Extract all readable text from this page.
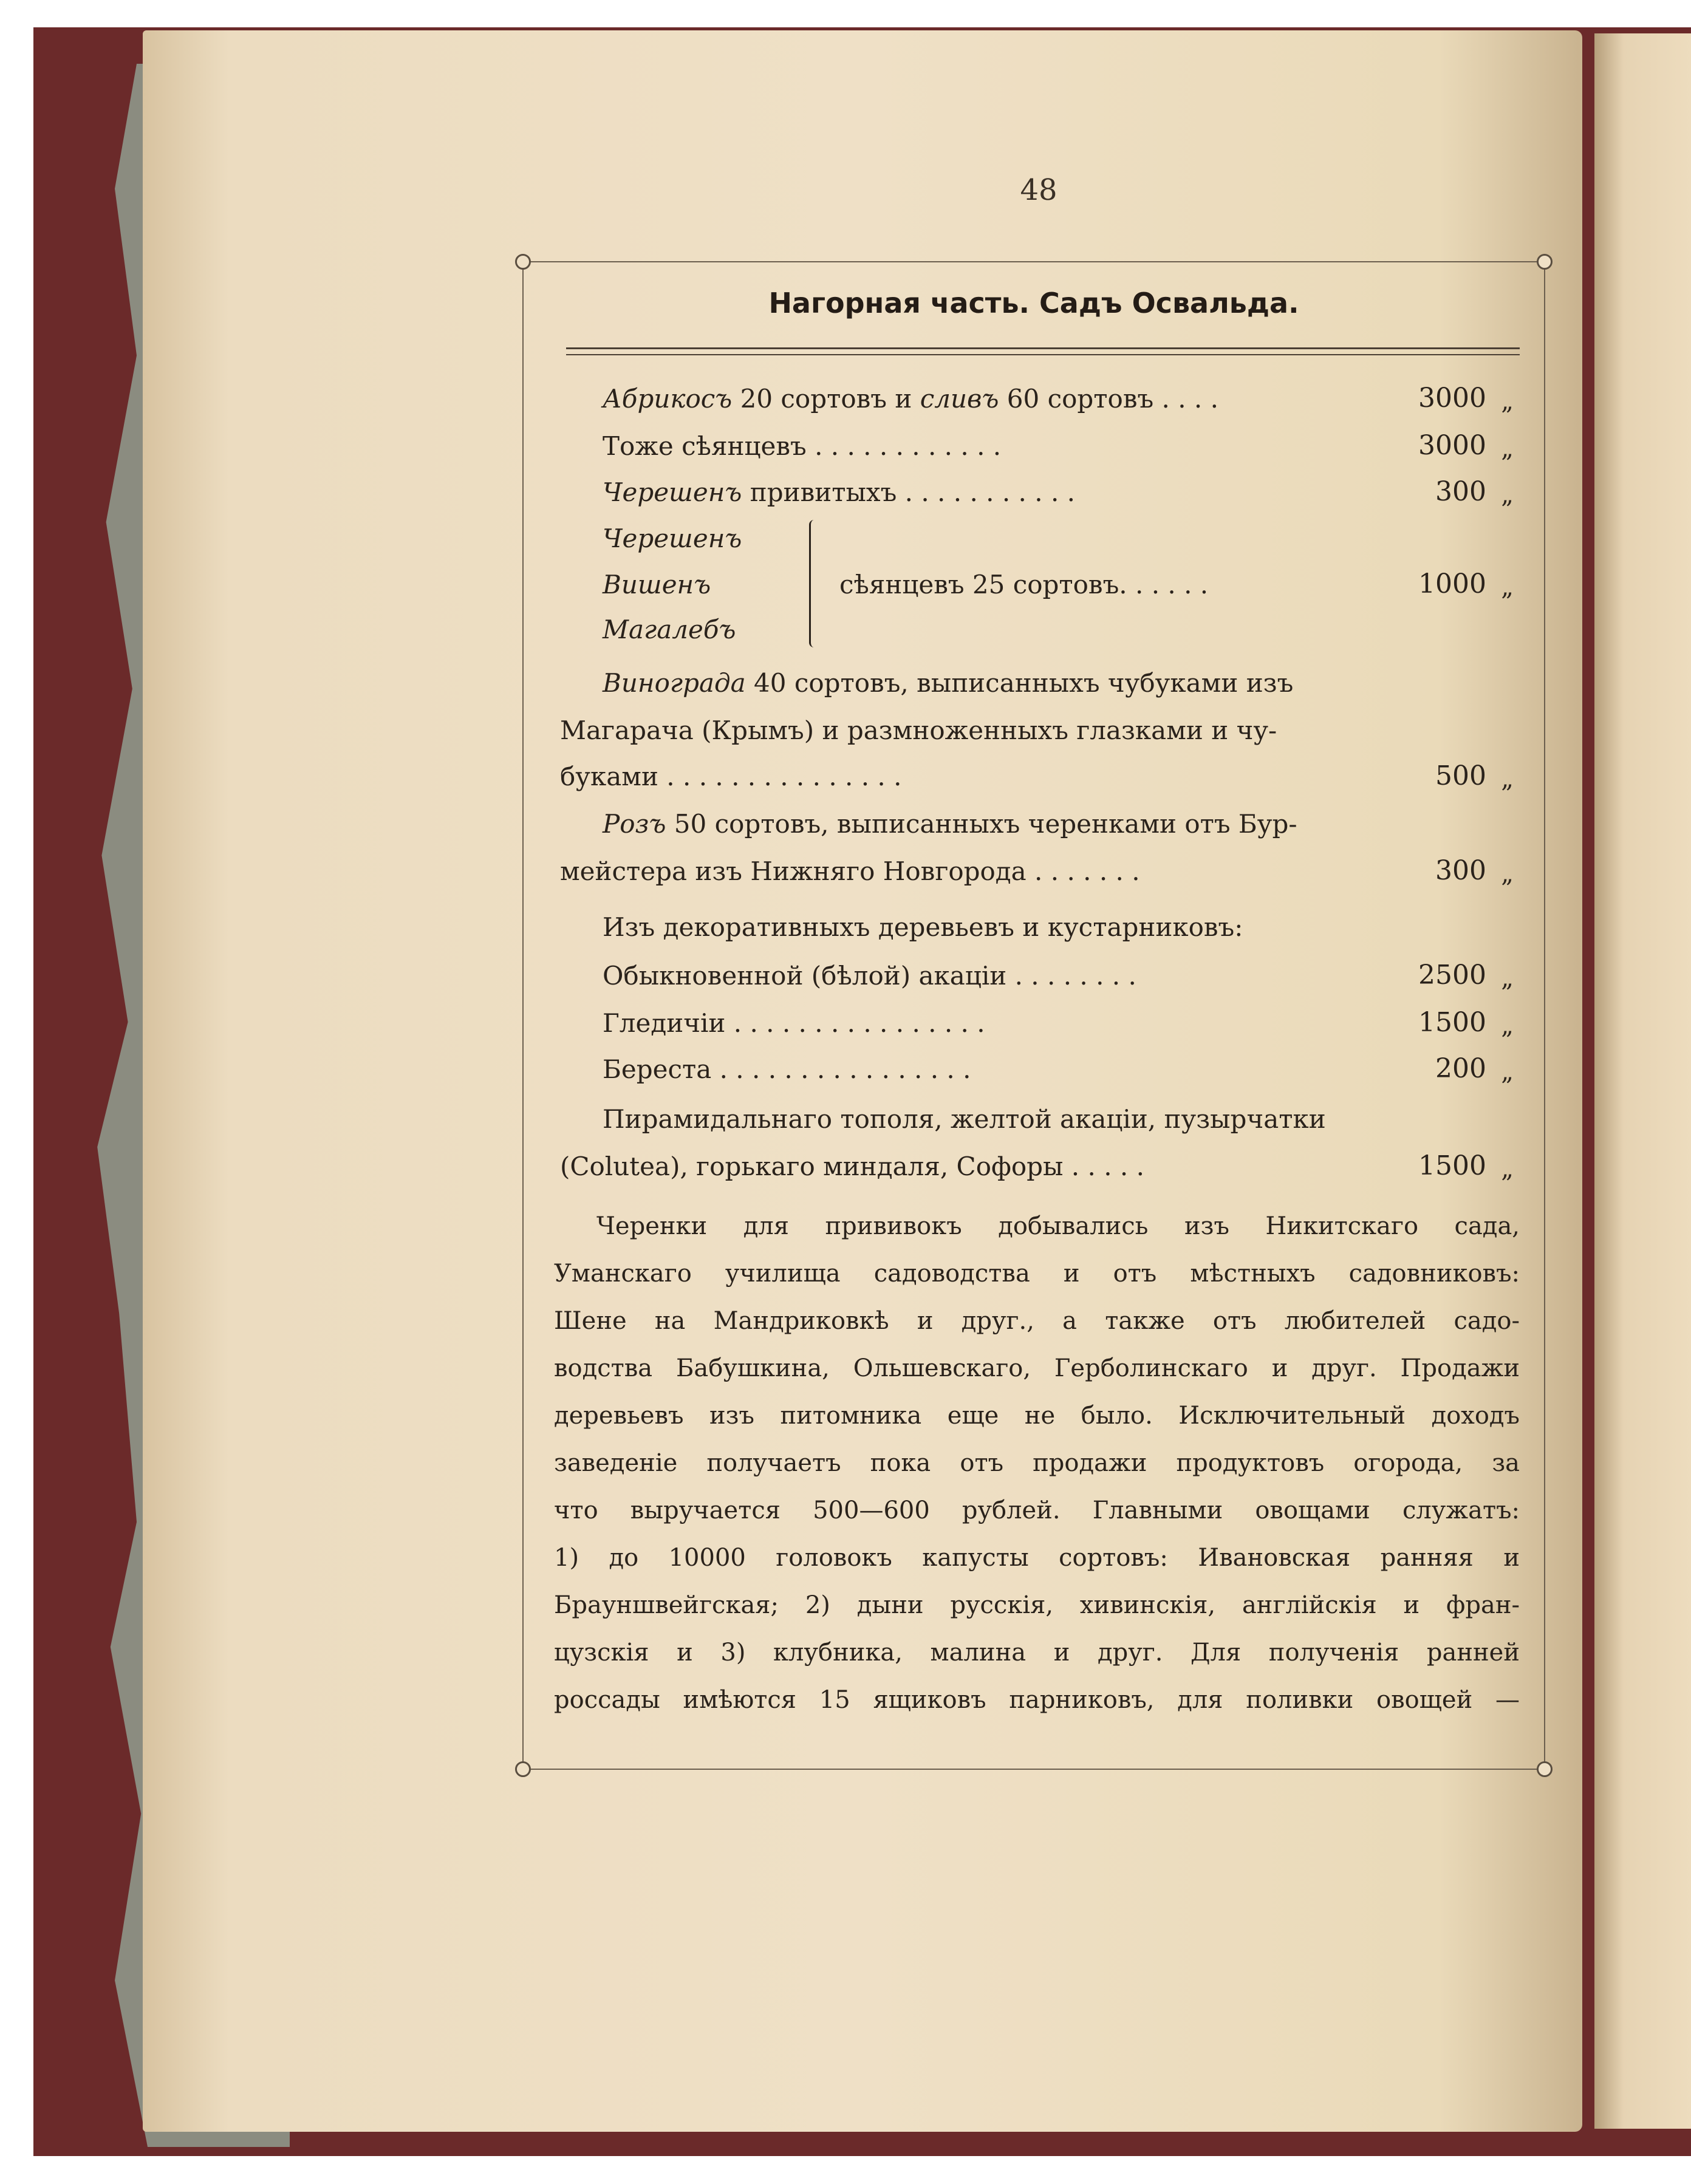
48
Нагорная часть. Садъ Освальда.
Абрикосъ 20 сортовъ и сливъ 60 сортовъ . . . .	3000 „
Тоже сѣянцевъ . . . . . . . . . . . .	3000 „
Черешенъ привитыхъ . . . . . . . . . . .	300 „
Черешенъ
Вишенъ
Магалебъ
сѣянцевъ 25 сортовъ. . . . . .	1000 „
Винограда 40 сортовъ, выписанныхъ чубуками изъ
Магарача (Крымъ) и размноженныхъ глазками и чу-
буками . . . . . . . . . . . . . . .	500 „
Розъ 50 сортовъ, выписанныхъ черенками отъ Бур-
мейстера изъ Нижняго Новгорода . . . . . . .	300 „
Изъ декоративныхъ деревьевъ и кустарниковъ:
Обыкновенной (бѣлой) акаціи . . . . . . . .	2500 „
Гледичіи . . . . . . . . . . . . . . . .	1500 „
Береста . . . . . . . . . . . . . . . .	200 „
Пирамидальнаго тополя, желтой акаціи, пузырчатки
(Colutea), горькаго миндаля, Софоры . . . . .	1500 „
Черенки для прививокъ добывались изъ Никитскаго сада,
Уманскаго училища садоводства и отъ мѣстныхъ садовниковъ:
Шене на Мандриковкѣ и друг., а также отъ любителей садо-
водства Бабушкина, Ольшевскаго, Герболинскаго и друг. Продажи
деревьевъ изъ питомника еще не было. Исключительный доходъ
заведеніе получаетъ пока отъ продажи продуктовъ огорода, за
что выручается 500—600 рублей. Главными овощами служатъ:
1) до 10000 головокъ капусты сортовъ: Ивановская ранняя и
Брауншвейгская; 2) дыни русскія, хивинскія, англійскія и фран-
цузскія и 3) клубника, малина и друг. Для полученія ранней
россады имѣются 15 ящиковъ парниковъ, для поливки овощей —
